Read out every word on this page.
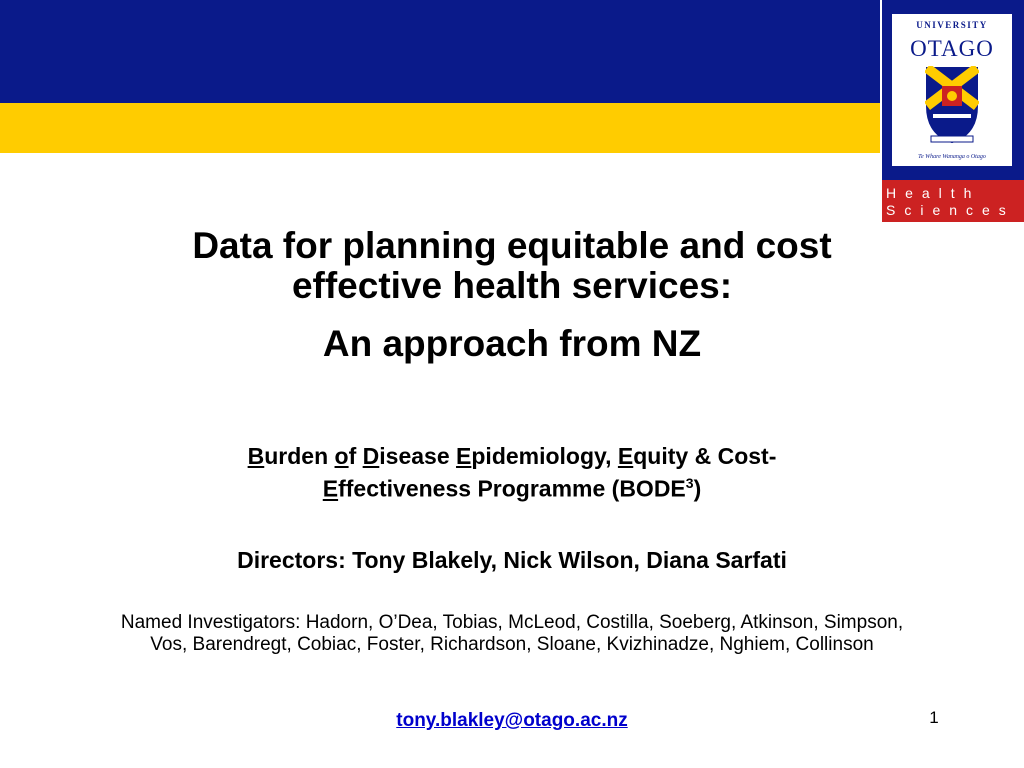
UNIVERSITY
OTAGO
Te Whare Wananga o Otago
Health
Sciences
Data for planning equitable and cost effective health services:
An approach from NZ
Burden of Disease Epidemiology, Equity & Cost-
Effectiveness Programme (BODE$^3$)
Directors: Tony Blakely, Nick Wilson, Diana Sarfati
Named Investigators: Hadorn, O’Dea, Tobias, McLeod, Costilla, Soeberg, Atkinson, Simpson, Vos, Barendregt, Cobiac, Foster, Richardson, Sloane, Kvizhinadze, Nghiem, Collinson
tony.blakley@otago.ac.nz	1
